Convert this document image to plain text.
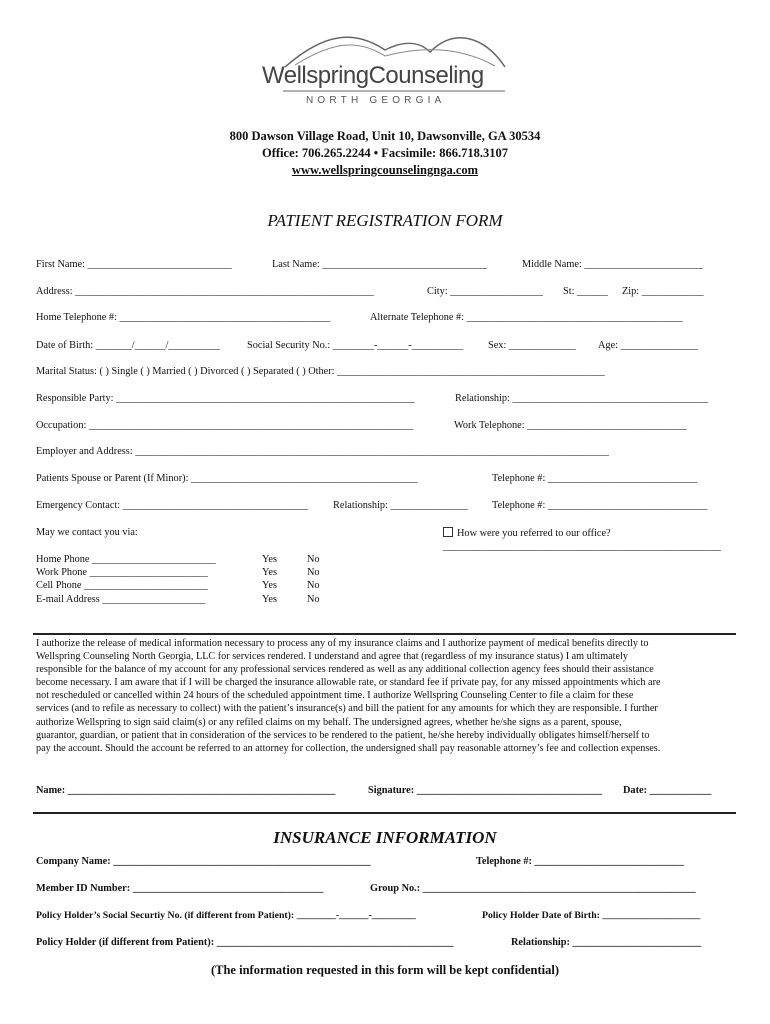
WellspringCounseling
NORTH GEORGIA
800 Dawson Village Road, Unit 10, Dawsonville, GA 30534
Office: 706.265.2244 • Facsimile: 866.718.3107
www.wellspringcounselingnga.com
PATIENT REGISTRATION FORM
First Name: ____________________________	Last Name: ________________________________	Middle Name: _______________________
Address: __________________________________________________________	City: __________________ St: ______ Zip: ____________
Home Telephone #: _________________________________________	Alternate Telephone #: __________________________________________
Date of Birth: _______/______/__________	Social Security No.: ________-______-__________ Sex: _____________ Age: _______________
Marital Status: ( ) Single ( ) Married ( ) Divorced ( ) Separated ( ) Other: ____________________________________________________
Responsible Party: __________________________________________________________	Relationship: ______________________________________
Occupation: _______________________________________________________________	Work Telephone: _______________________________
Employer and Address: ____________________________________________________________________________________________
Patients Spouse or Parent (If Minor): ____________________________________________	Telephone #: _____________________________
Emergency Contact: ____________________________________ Relationship: _______________ Telephone #: _______________________________
May we contact you via:	How were you referred to our office?
______________________________________________________
Home Phone ________________________	Yes	No
Work Phone _______________________	Yes	No
Cell Phone ________________________	Yes	No
E-mail Address ____________________	Yes	No
I authorize the release of medical information necessary to process any of my insurance claims and I authorize payment of medical benefits directly to
Wellspring Counseling North Georgia, LLC for services rendered. I understand and agree that (regardless of my insurance status) I am ultimately
responsible for the balance of my account for any professional services rendered as well as any additional collection agency fees should their assistance
become necessary. I am aware that if I will be charged the insurance allowable rate, or standard fee if private pay, for any missed appointments which are
not rescheduled or cancelled within 24 hours of the scheduled appointment time. I authorize Wellspring Counseling Center to file a claim for these
services (and to refile as necessary to collect) with the patient’s insurance(s) and bill the patient for any amounts for which they are responsible. I further
authorize Wellspring to sign said claim(s) or any refiled claims on my behalf. The undersigned agrees, whether he/she signs as a parent, spouse,
guarantor, guardian, or patient that in consideration of the services to be rendered to the patient, he/she hereby individually obligates himself/herself to
pay the account. Should the account be referred to an attorney for collection, the undersigned shall pay reasonable attorney’s fee and collection expenses.
Name: ____________________________________________________	Signature: ____________________________________ Date: ____________
INSURANCE INFORMATION
Company Name: __________________________________________________	Telephone #: _____________________________
Member ID Number: _____________________________________	Group No.: _____________________________________________________
Policy Holder’s Social Securtiy No. (if different from Patient): ________-______-_________	Policy Holder Date of Birth: ____________________
Policy Holder (if different from Patient): ______________________________________________	Relationship: _________________________
(The information requested in this form will be kept confidential)
